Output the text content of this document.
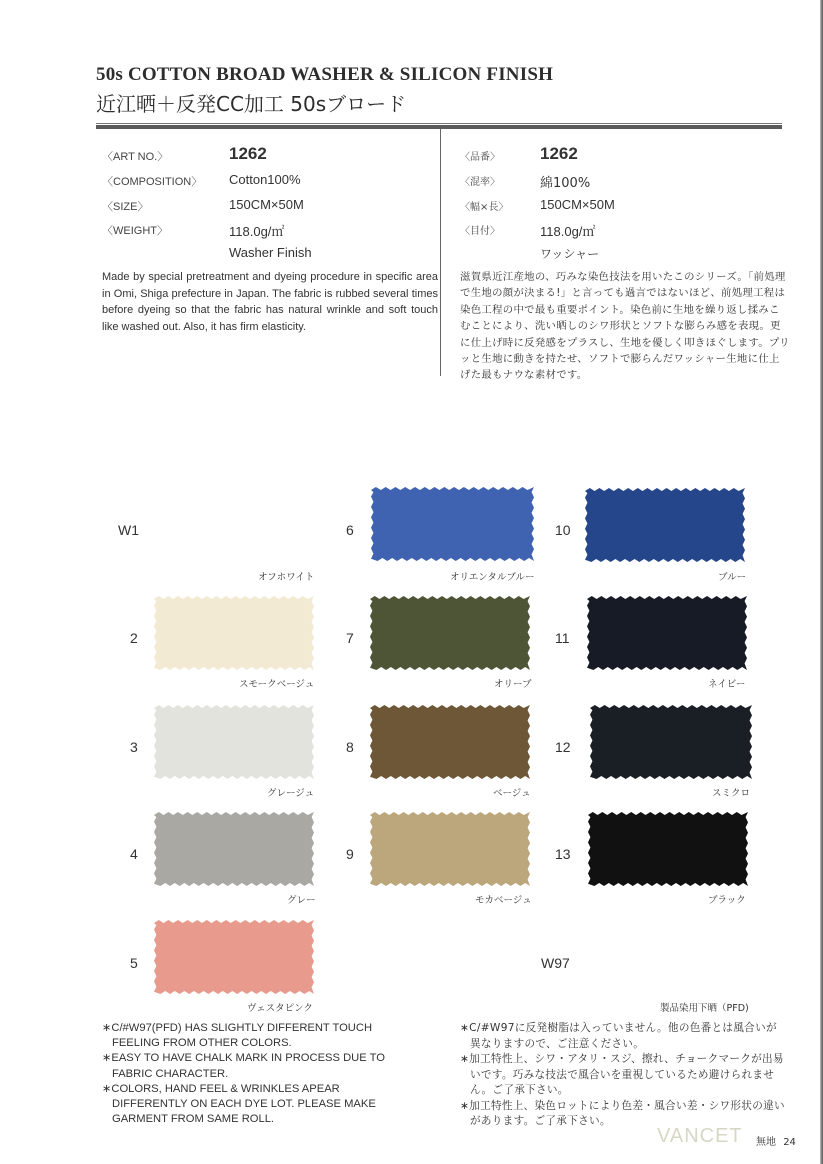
50s COTTON BROAD WASHER & SILICON FINISH
近江晒＋反発CC加工 50sブロード
〈ART NO.〉	1262
〈COMPOSITION〉 Cotton100%
〈SIZE〉	150CM×50M
〈WEIGHT〉	118.0g/㎡
Washer Finish
〈品番〉 1262
〈混率〉	綿100%
〈幅×長〉 150CM×50M
〈目付〉	118.0g/㎡
ワッシャー
Made by special pretreatment and dyeing procedure in specific area in Omi, Shiga prefecture in Japan. The fabric is rubbed several times before dyeing so that the fabric has natural wrinkle and soft touch like washed out. Also, it has firm elasticity.
滋賀県近江産地の、巧みな染色技法を用いたこのシリーズ。「前処理で生地の顔が決まる!」と言っても過言ではないほど、前処理工程は染色工程の中で最も重要ポイント。染色前に生地を繰り返し揉みこむことにより、洗い晒しのシワ形状とソフトな膨らみ感を表現。更に仕上げ時に反発感をプラスし、生地を優しく叩きほぐします。プリッと生地に動きを持たせ、ソフトで膨らんだワッシャー生地に仕上げた最もナウな素材です。
W1
オフホワイト
2
スモークベージュ
3
グレージュ
4
グレー
5
ヴェスタピンク
6
オリエンタルブルー
7
オリーブ
8
ベージュ
9
モカベージュ
10
ブルー
11
ネイビー
12
スミクロ
13
ブラック
W97
製品染用下晒（PFD)
∗C/#W97(PFD) HAS SLIGHTLY DIFFERENT TOUCH FEELING FROM OTHER COLORS.
∗EASY TO HAVE CHALK MARK IN PROCESS DUE TO FABRIC CHARACTER.
∗COLORS, HAND FEEL & WRINKLES APEAR DIFFERENTLY ON EACH DYE LOT. PLEASE MAKE GARMENT FROM SAME ROLL.
∗C/#W97に反発樹脂は入っていません。他の色番とは風合いが異なりますので、ご注意ください。
∗加工特性上、シワ・アタリ・スジ、擦れ、チョークマークが出易いです。巧みな技法で風合いを重視しているため避けられません。ご了承下さい。
∗加工特性上、染色ロットにより色差・風合い差・シワ形状の違いがあります。ご了承下さい。
VANCET 無地 24
